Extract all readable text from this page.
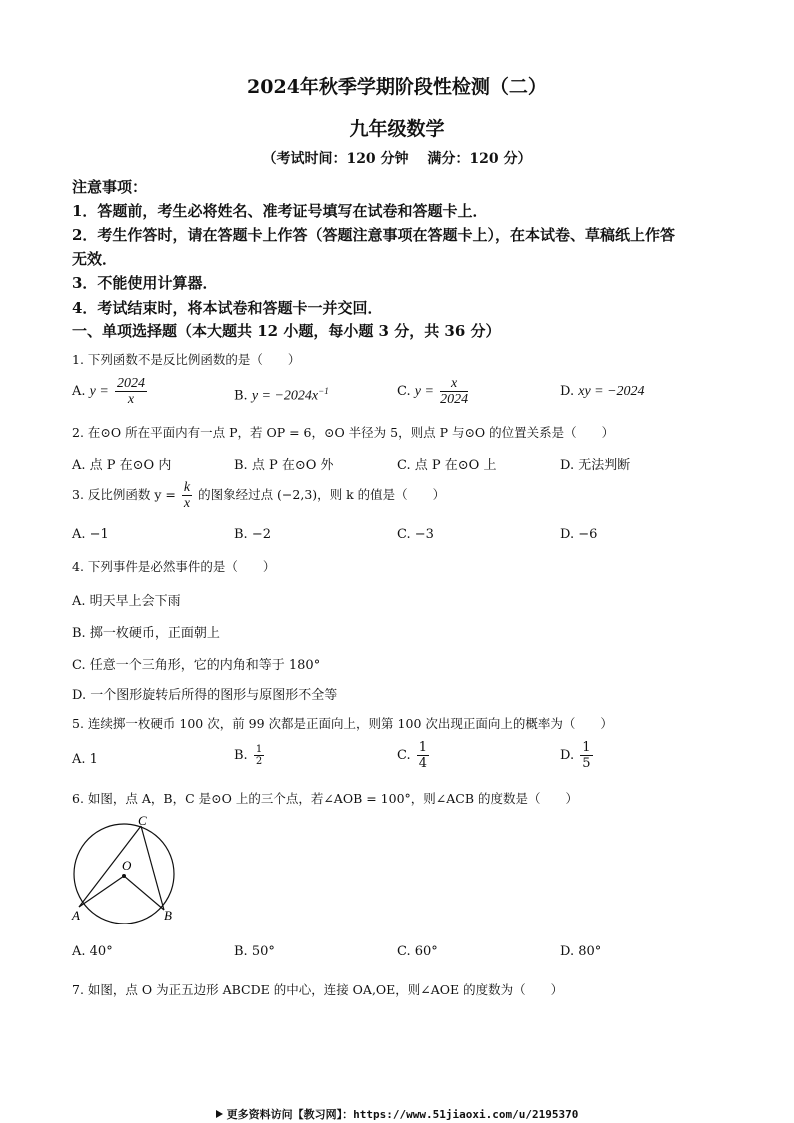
2024年秋季学期阶段性检测（二）
九年级数学
（考试时间：120 分钟　 满分：120 分）
注意事项：
1．答题前，考生必将姓名、准考证号填写在试卷和答题卡上．
2．考生作答时，请在答题卡上作答（答题注意事项在答题卡上），在本试卷、草稿纸上作答
无效．
3．不能使用计算器．
4．考试结束时，将本试卷和答题卡一并交回．
一、单项选择题（本大题共 12 小题，每小题 3 分，共 36 分）
1. 下列函数不是反比例函数的是（　　）
A. $y = \frac{2024}{x}$	B. $y = -2024x^{-1}$	C. $y = \frac{x}{2024}$	D. xy = −2024
2. 在⊙O 所在平面内有一点 P，若 OP = 6，⊙O 半径为 5，则点 P 与⊙O 的位置关系是（　　）
A. 点 P 在⊙O 内	B. 点 P 在⊙O 外	C. 点 P 在⊙O 上	D. 无法判断
3. 反比例函数 $y = \frac{k}{x}$ 的图象经过点 (−2,3)，则 k 的值是（　　）
A. −1	B. −2	C. −3	D. −6
4. 下列事件是必然事件的是（　　）
A. 明天早上会下雨
B. 掷一枚硬币，正面朝上
C. 任意一个三角形，它的内角和等于 180°
D. 一个图形旋转后所得的图形与原图形不全等
5. 连续掷一枚硬币 100 次，前 99 次都是正面向上，则第 100 次出现正面向上的概率为（　　）
A. 1	B. $\frac{1}{2}$	C. $\frac{1}{4}$	D. $\frac{1}{5}$
6. 如图，点 A，B，C 是⊙O 上的三个点，若∠AOB = 100°，则∠ACB 的度数是（　　）
C
O
A	B
A. 40°	B. 50°	C. 60°	D. 80°
7. 如图，点 O 为正五边形 ABCDE 的中心，连接 OA,OE，则∠AOE 的度数为（　　）
更多资料访问【教习网】：https://www.51jiaoxi.com/u/2195370
